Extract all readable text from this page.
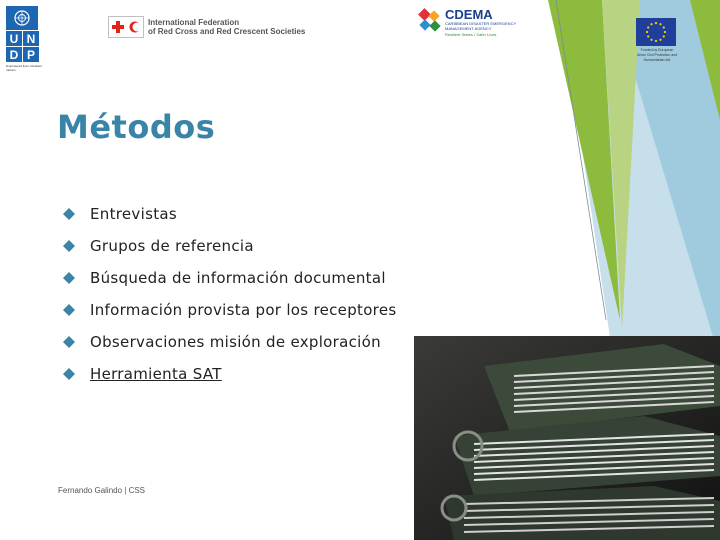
U N
D P
Empowered lives. Resilient nations.
International Federation
of Red Cross and Red Crescent Societies
CDEMA
CARIBBEAN DISASTER EMERGENCY MANAGEMENT AGENCY
Resilient States • Safer Lives
Funded by European Union Civil Protection and Humanitarian Aid
Métodos
Entrevistas
Grupos de referencia
Búsqueda de información documental
Información provista por los receptores
Observaciones misión de exploración
Herramienta SAT
Fernando Galindo | CSS
